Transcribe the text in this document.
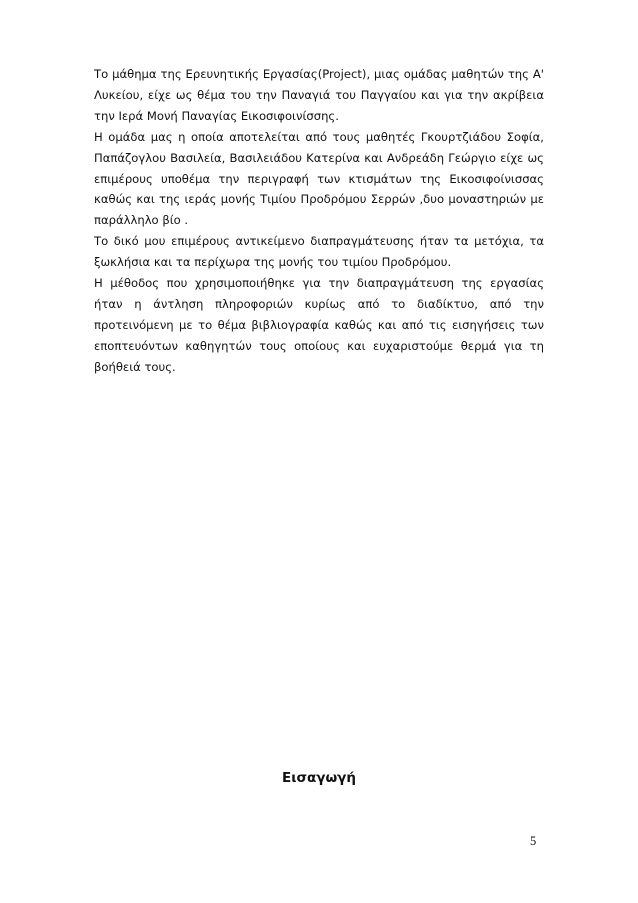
Το μάθημα της Ερευνητικής Εργασίας(Project), μιας ομάδας μαθητών της Α' Λυκείου, είχε ως θέμα του την Παναγιά του Παγγαίου και για την ακρίβεια την Ιερά Μονή Παναγίας Εικοσιφοινίσσης.

Η ομάδα μας η οποία αποτελείται από τους μαθητές Γκουρτζιάδου Σοφία, Παπάζογλου Βασιλεία, Βασιλειάδου Κατερίνα και Ανδρεάδη Γεώργιο είχε ως επιμέρους υποθέμα την περιγραφή των κτισμάτων της Εικοσιφοίνισσας καθώς και της ιεράς μονής Τιμίου Προδρόμου Σερρών ,δυο μοναστηριών με παράλληλο βίο .

Το δικό μου επιμέρους αντικείμενο διαπραγμάτευσης ήταν τα μετόχια, τα ξωκλήσια και τα περίχωρα της μονής του τιμίου Προδρόμου.

Η μέθοδος που χρησιμοποιήθηκε για την διαπραγμάτευση της εργασίας ήταν η άντληση πληροφοριών κυρίως από το διαδίκτυο, από την προτεινόμενη με το θέμα βιβλιογραφία καθώς και από τις εισηγήσεις των εποπτευόντων καθηγητών τους οποίους και ευχαριστούμε θερμά για τη βοήθειά τους.

Εισαγωγή
5
